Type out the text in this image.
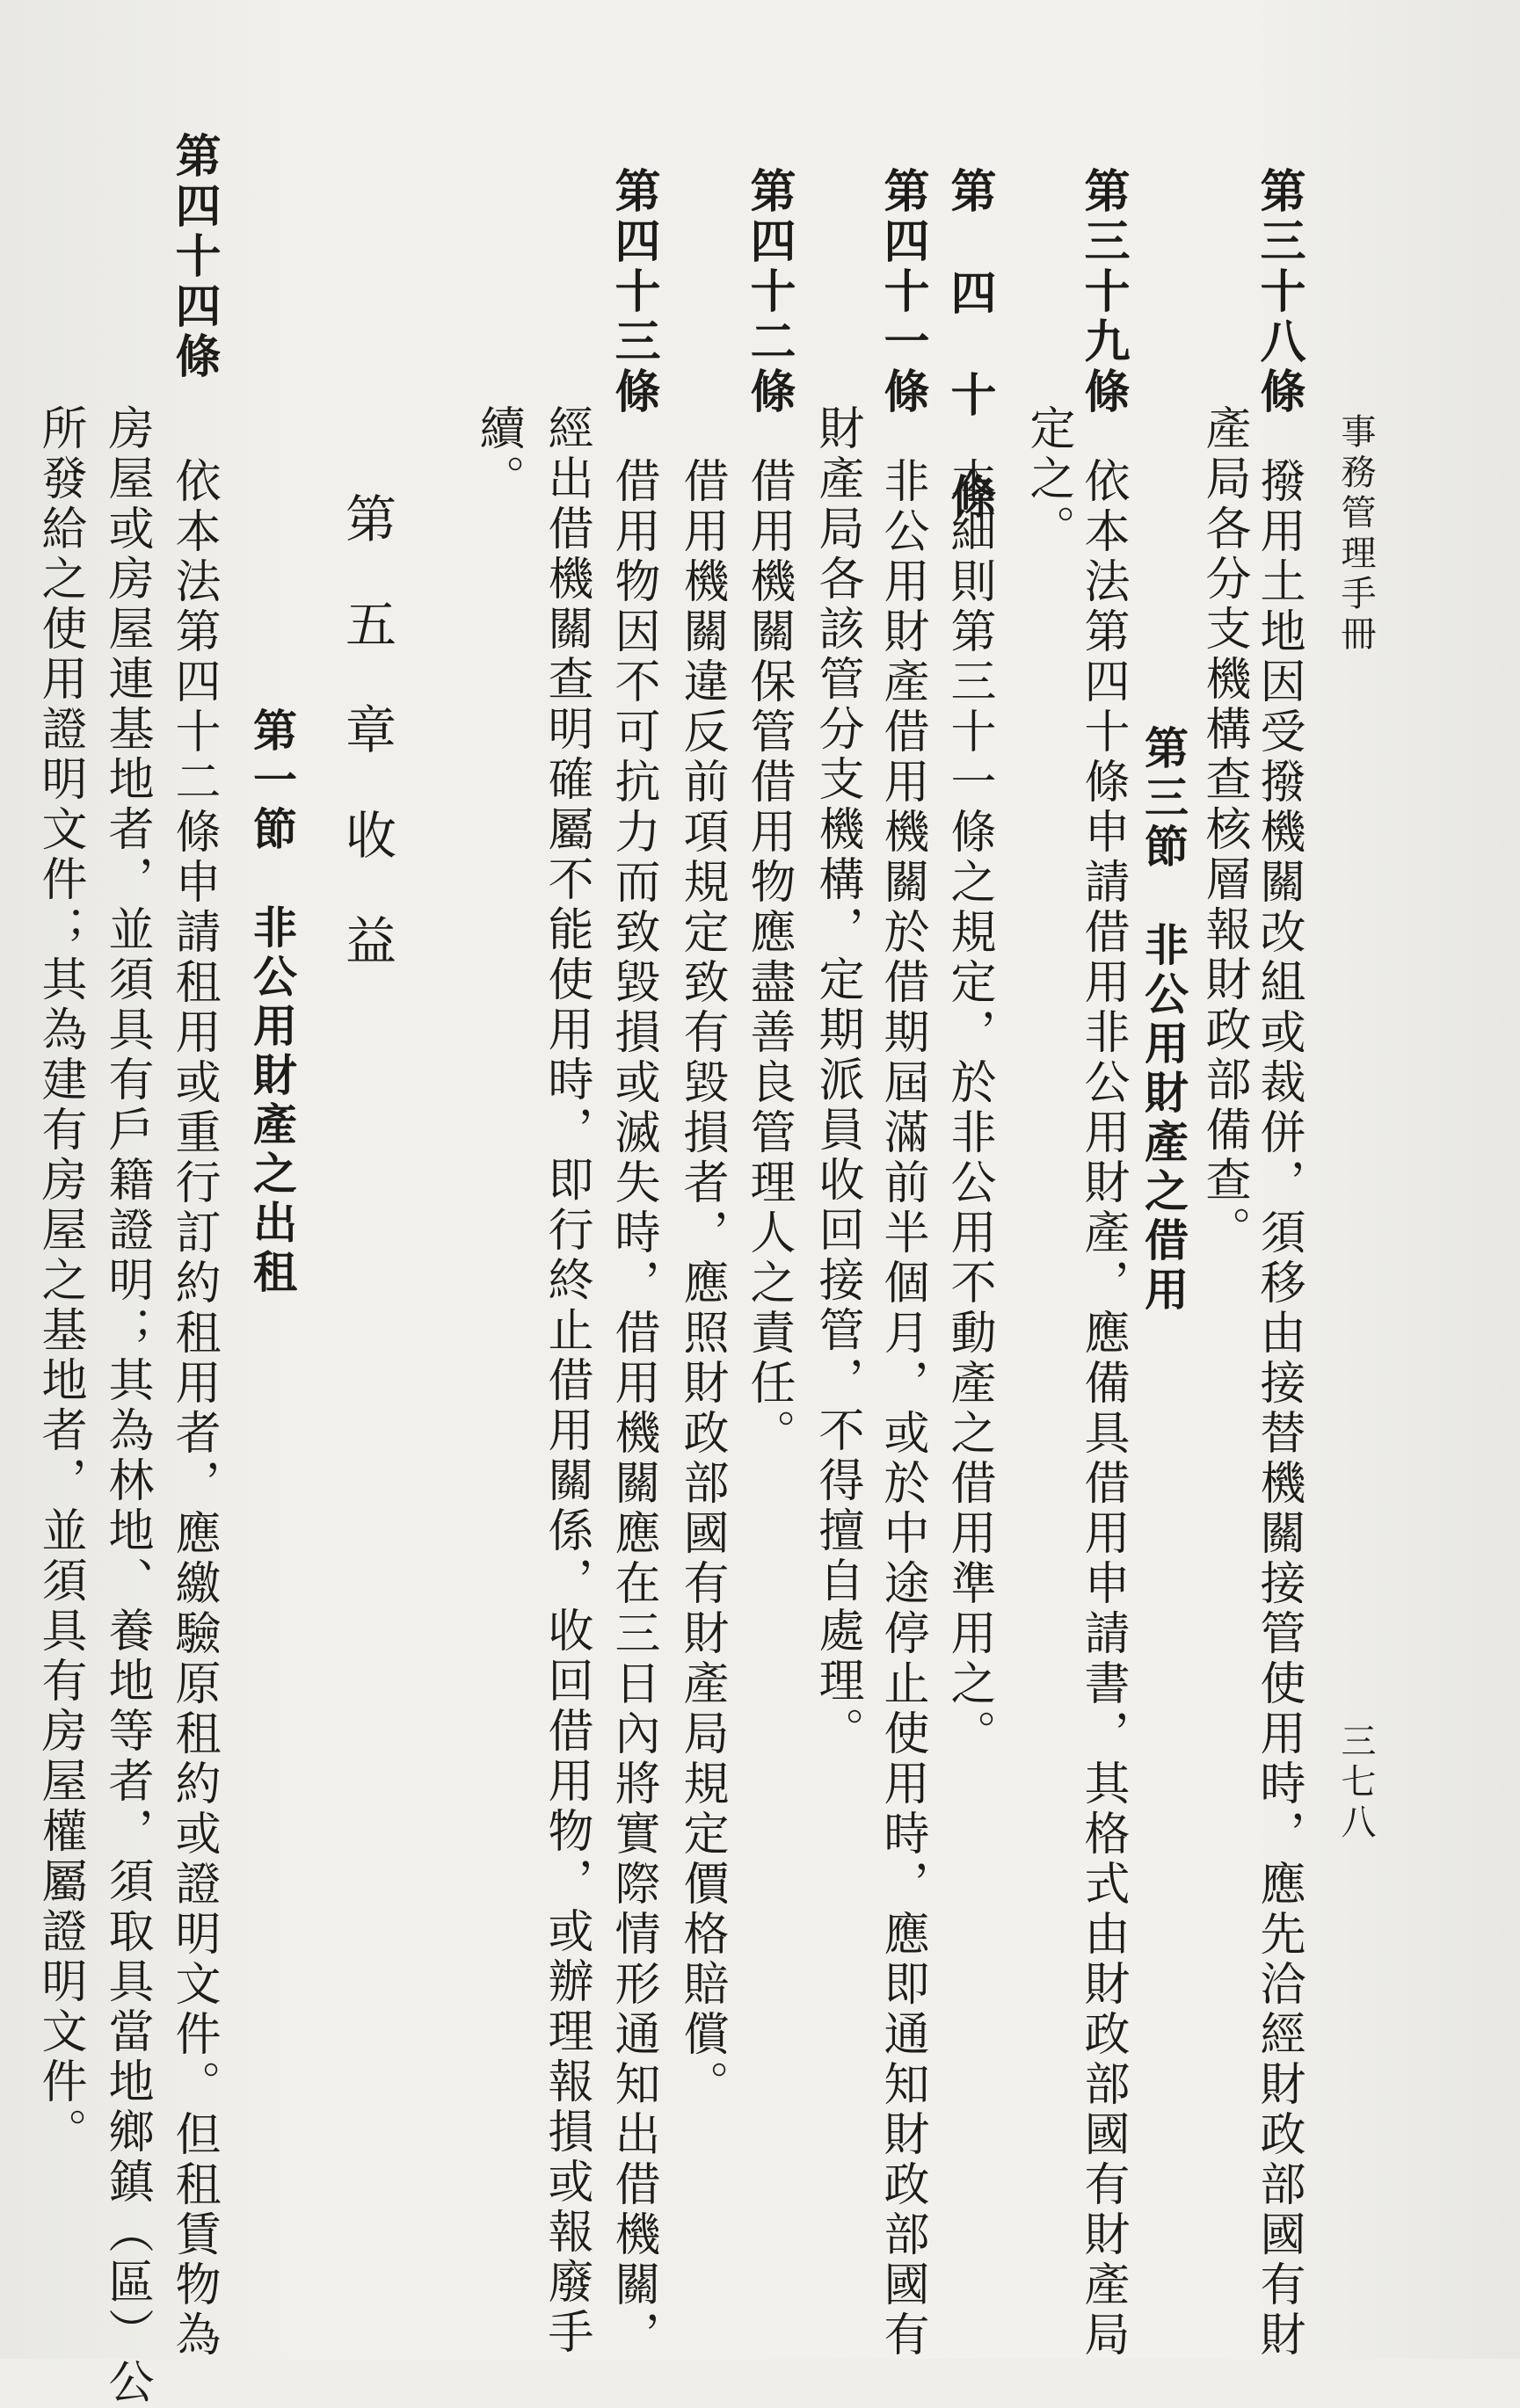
事務管理手冊
三七八
第三十八條
撥用土地因受撥機關改組或裁併，須移由接替機關接管使用時，應先洽經財政部國有財
產局各分支機構查核層報財政部備查。
第三節　非公用財產之借用
第三十九條
依本法第四十條申請借用非公用財產，應備具借用申請書，其格式由財政部國有財產局
定之。
第　四　十　條
本細則第三十一條之規定，於非公用不動產之借用準用之。
第四十一條
非公用財產借用機關於借期屆滿前半個月，或於中途停止使用時，應即通知財政部國有
財產局各該管分支機構，定期派員收回接管，不得擅自處理。
第四十二條
借用機關保管借用物應盡善良管理人之責任。
借用機關違反前項規定致有毀損者，應照財政部國有財產局規定價格賠償。
第四十三條
借用物因不可抗力而致毀損或滅失時，借用機關應在三日內將實際情形通知出借機關，
經出借機關查明確屬不能使用時，即行終止借用關係，收回借用物，或辦理報損或報廢手
續。
第五章收益
第一節　非公用財產之出租
第四十四條
依本法第四十二條申請租用或重行訂約租用者，應繳驗原租約或證明文件。但租賃物為
房屋或房屋連基地者，並須具有戶籍證明；其為林地、養地等者，須取具當地鄉鎮（區）公
所發給之使用證明文件；其為建有房屋之基地者，並須具有房屋權屬證明文件。
